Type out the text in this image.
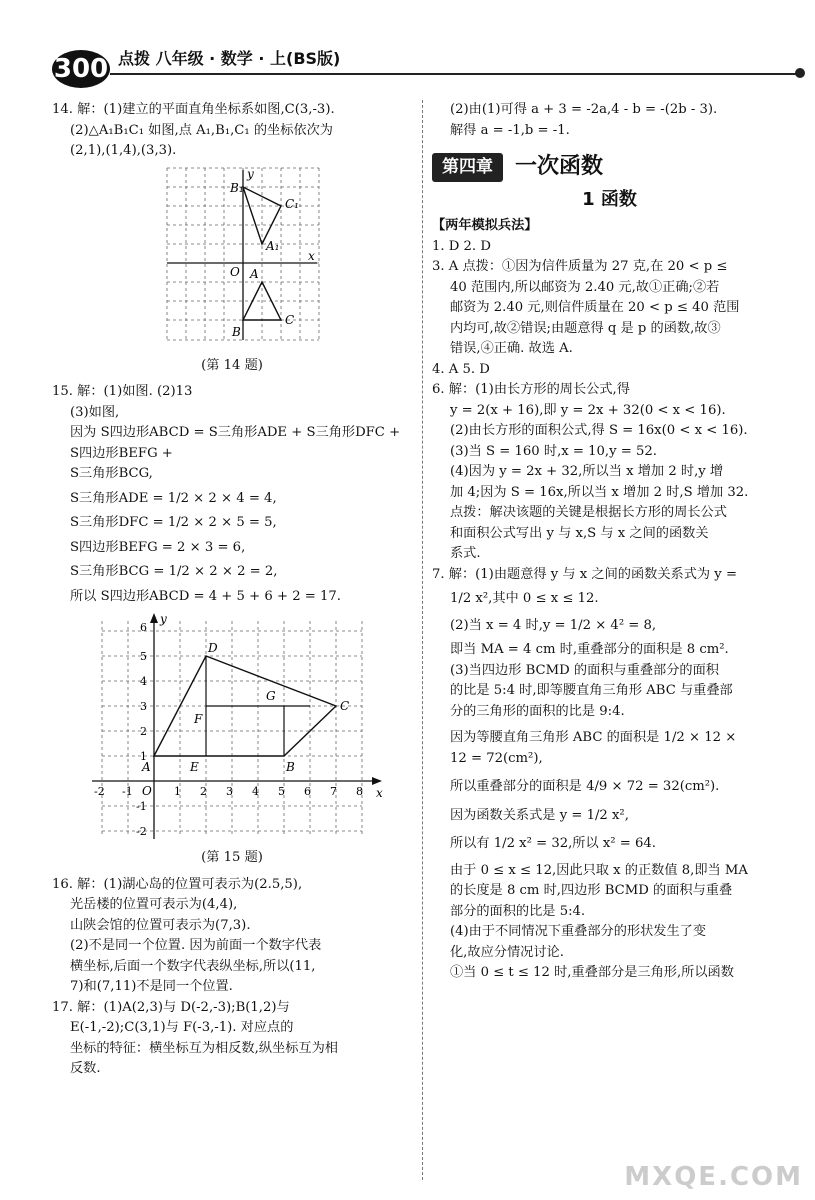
300 点拨 八年级 · 数学 · 上(BS版)

14. 解：(1)建立的平面直角坐标系如图,C(3,-3).

(2)△A₁B₁C₁ 如图,点 A₁,B₁,C₁ 的坐标依次为

(2,1),(1,4),(3,3).

y
x
O
B₁
C₁
A₁
A
C
B

(第 14 题)

15. 解：(1)如图. (2)13

(3)如图,

因为 S四边形ABCD = S三角形ADE + S三角形DFC + S四边形BEFG +

S三角形BCG,

S三角形ADE = 1/2 × 2 × 4 = 4,

S三角形DFC = 1/2 × 2 × 5 = 5,

S四边形BEFG = 2 × 3 = 6,

S三角形BCG = 1/2 × 2 × 2 = 2,

所以 S四边形ABCD = 4 + 5 + 6 + 2 = 17.

y
x
O
D
C
G
F
A	E	B
-2 -1	1 2 3 4 5 6 7 8
6
5
4
3
2
1
-1
-2

(第 15 题)

16. 解：(1)湖心岛的位置可表示为(2.5,5),

光岳楼的位置可表示为(4,4),

山陕会馆的位置可表示为(7,3).

(2)不是同一个位置. 因为前面一个数字代表

横坐标,后面一个数字代表纵坐标,所以(11,

7)和(7,11)不是同一个位置.

17. 解：(1)A(2,3)与 D(-2,-3);B(1,2)与

E(-1,-2);C(3,1)与 F(-3,-1). 对应点的

坐标的特征：横坐标互为相反数,纵坐标互为相

反数.

(2)由(1)可得 a + 3 = -2a,4 - b = -(2b - 3).

解得 a = -1,b = -1.

第四章	一次函数
1 函数

【两年模拟兵法】

1. D 2. D

3. A 点拨：①因为信件质量为 27 克,在 20 < p ≤

40 范围内,所以邮资为 2.40 元,故①正确;②若

邮资为 2.40 元,则信件质量在 20 < p ≤ 40 范围

内均可,故②错误;由题意得 q 是 p 的函数,故③

错误,④正确. 故选 A.

4. A 5. D

6. 解：(1)由长方形的周长公式,得

y = 2(x + 16),即 y = 2x + 32(0 < x < 16).

(2)由长方形的面积公式,得 S = 16x(0 < x < 16).

(3)当 S = 160 时,x = 10,y = 52.

(4)因为 y = 2x + 32,所以当 x 增加 2 时,y 增

加 4;因为 S = 16x,所以当 x 增加 2 时,S 增加 32.

点拨：解决该题的关键是根据长方形的周长公式

和面积公式写出 y 与 x,S 与 x 之间的函数关

系式.

7. 解：(1)由题意得 y 与 x 之间的函数关系式为 y =

1/2 x²,其中 0 ≤ x ≤ 12.

(2)当 x = 4 时,y = 1/2 × 4² = 8,

即当 MA = 4 cm 时,重叠部分的面积是 8 cm².

(3)当四边形 BCMD 的面积与重叠部分的面积

的比是 5:4 时,即等腰直角三角形 ABC 与重叠部

分的三角形的面积的比是 9:4.

因为等腰直角三角形 ABC 的面积是 1/2 × 12 ×

12 = 72(cm²),

所以重叠部分的面积是 4/9 × 72 = 32(cm²).

因为函数关系式是 y = 1/2 x²,

所以有 1/2 x² = 32,所以 x² = 64.

由于 0 ≤ x ≤ 12,因此只取 x 的正数值 8,即当 MA

的长度是 8 cm 时,四边形 BCMD 的面积与重叠

部分的面积的比是 5:4.

(4)由于不同情况下重叠部分的形状发生了变

化,故应分情况讨论.

①当 0 ≤ t ≤ 12 时,重叠部分是三角形,所以函数

MXQE.COM
